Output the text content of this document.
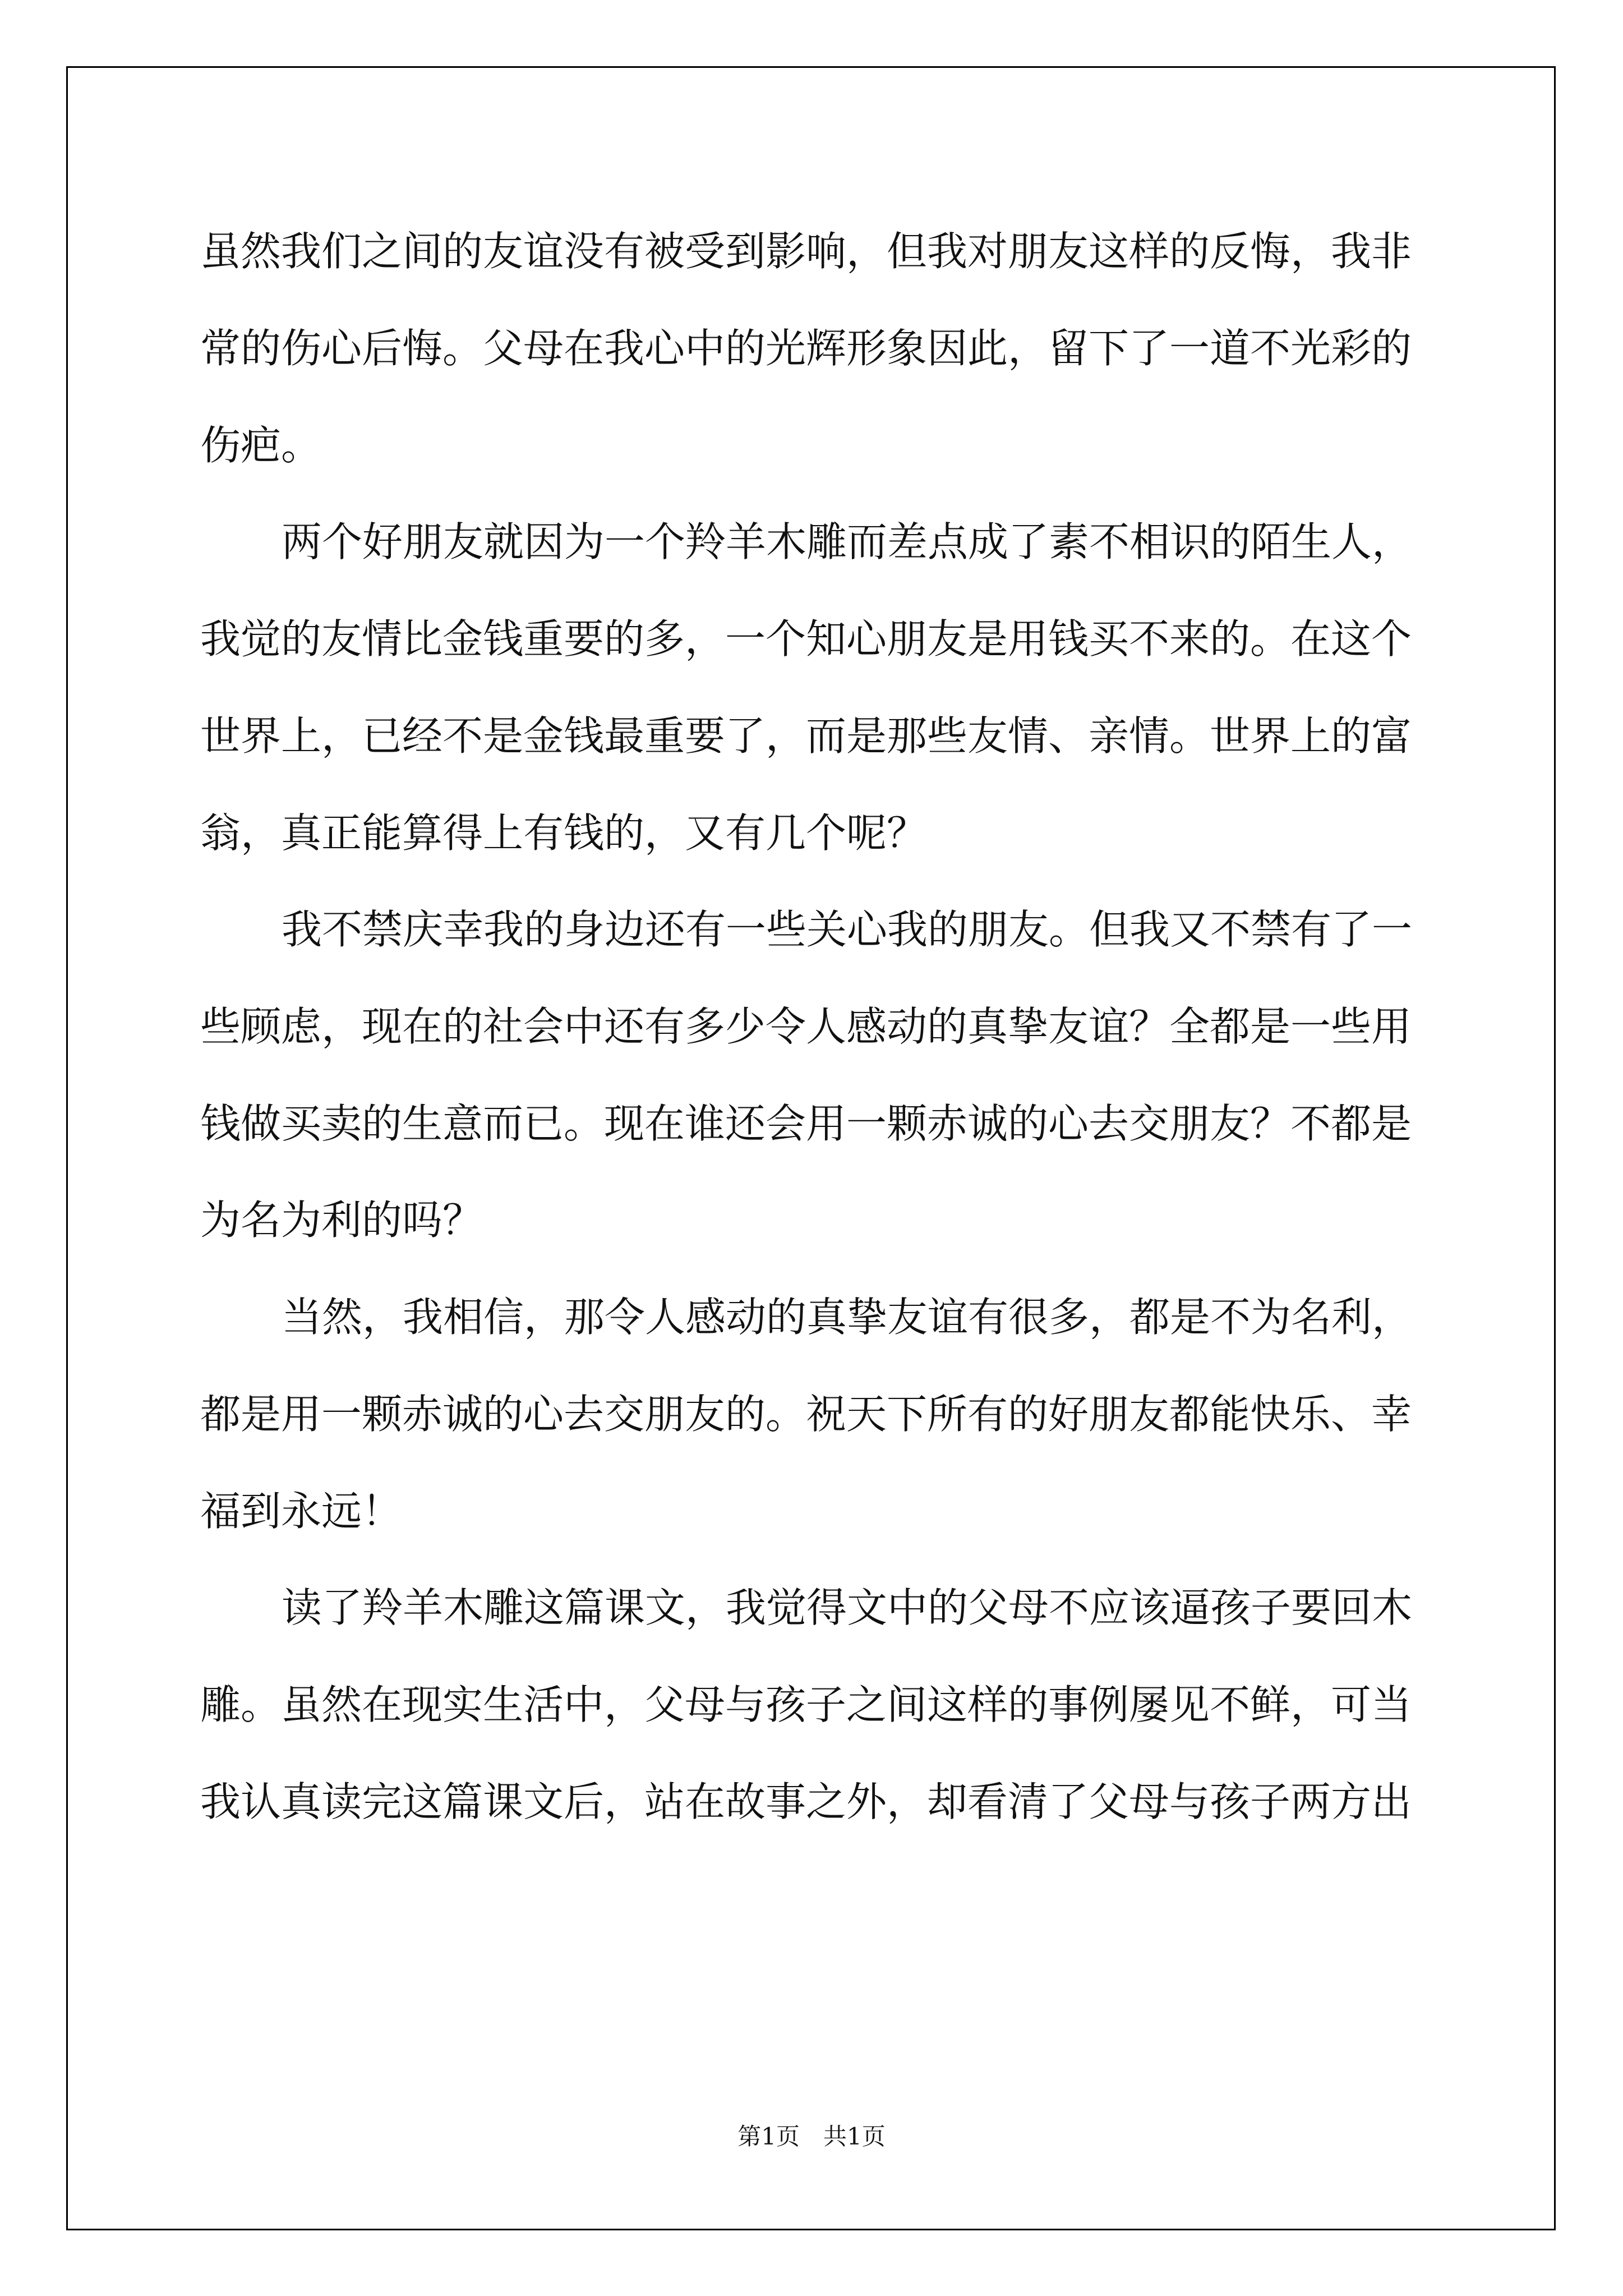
虽然我们之间的友谊没有被受到影响，但我对朋友这样的反悔，我非
常的伤心后悔。父母在我心中的光辉形象因此，留下了一道不光彩的
伤疤。
两个好朋友就因为一个羚羊木雕而差点成了素不相识的陌生人，
我觉的友情比金钱重要的多，一个知心朋友是用钱买不来的。在这个
世界上，已经不是金钱最重要了，而是那些友情、亲情。世界上的富
翁，真正能算得上有钱的，又有几个呢？
我不禁庆幸我的身边还有一些关心我的朋友。但我又不禁有了一
些顾虑，现在的社会中还有多少令人感动的真挚友谊？全都是一些用
钱做买卖的生意而已。现在谁还会用一颗赤诚的心去交朋友？不都是
为名为利的吗？
当然，我相信，那令人感动的真挚友谊有很多，都是不为名利，
都是用一颗赤诚的心去交朋友的。祝天下所有的好朋友都能快乐、幸
福到永远！
读了羚羊木雕这篇课文，我觉得文中的父母不应该逼孩子要回木
雕。虽然在现实生活中，父母与孩子之间这样的事例屡见不鲜，可当
我认真读完这篇课文后，站在故事之外，却看清了父母与孩子两方出
第1页　共1页
